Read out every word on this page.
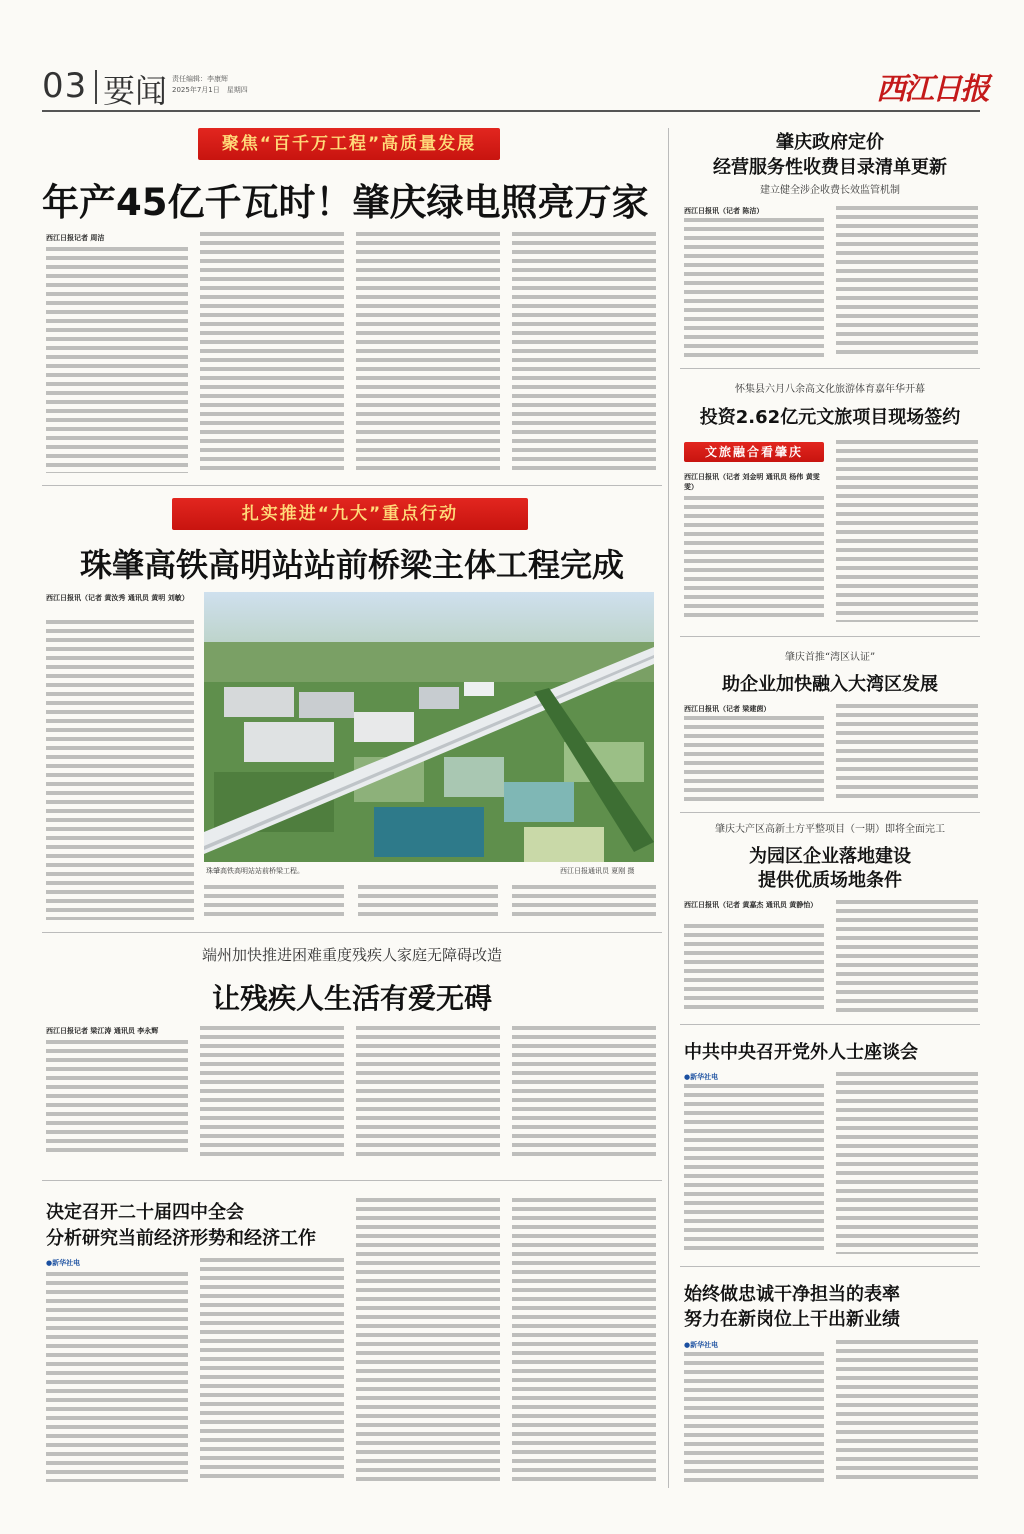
03 要闻 责任编辑：李康辉
2025年7月1日　星期四	西江日报
聚焦“百千万工程”高质量发展
年产45亿千瓦时！肇庆绿电照亮万家
西江日报记者 周洁
扎实推进“九大”重点行动
珠肇高铁高明站站前桥梁主体工程完成
西江日报讯（记者 黄汝秀 通讯员 黄明 刘敏）
珠肇高铁高明站站前桥梁工程。	西江日报通讯员 夏刚 摄
端州加快推进困难重度残疾人家庭无障碍改造
让残疾人生活有爱无碍
西江日报记者 梁江涛 通讯员 李永辉
决定召开二十届四中全会
分析研究当前经济形势和经济工作
●新华社电
肇庆政府定价
经营服务性收费目录清单更新
建立健全涉企收费长效监管机制
西江日报讯（记者 陈洁）
怀集县六月八余高文化旅游体育嘉年华开幕
投资2.62亿元文旅项目现场签约
文旅融合看肇庆
西江日报讯（记者 刘金明 通讯员 杨伟 黄雯雯）
肇庆首推“湾区认证”
助企业加快融入大湾区发展
西江日报讯（记者 梁建茵）
肇庆大产区高新土方平整项目（一期）即将全面完工
为园区企业落地建设
提供优质场地条件
西江日报讯（记者 黄嘉杰 通讯员 黄静怡）
中共中央召开党外人士座谈会
●新华社电
始终做忠诚干净担当的表率
努力在新岗位上干出新业绩
●新华社电
